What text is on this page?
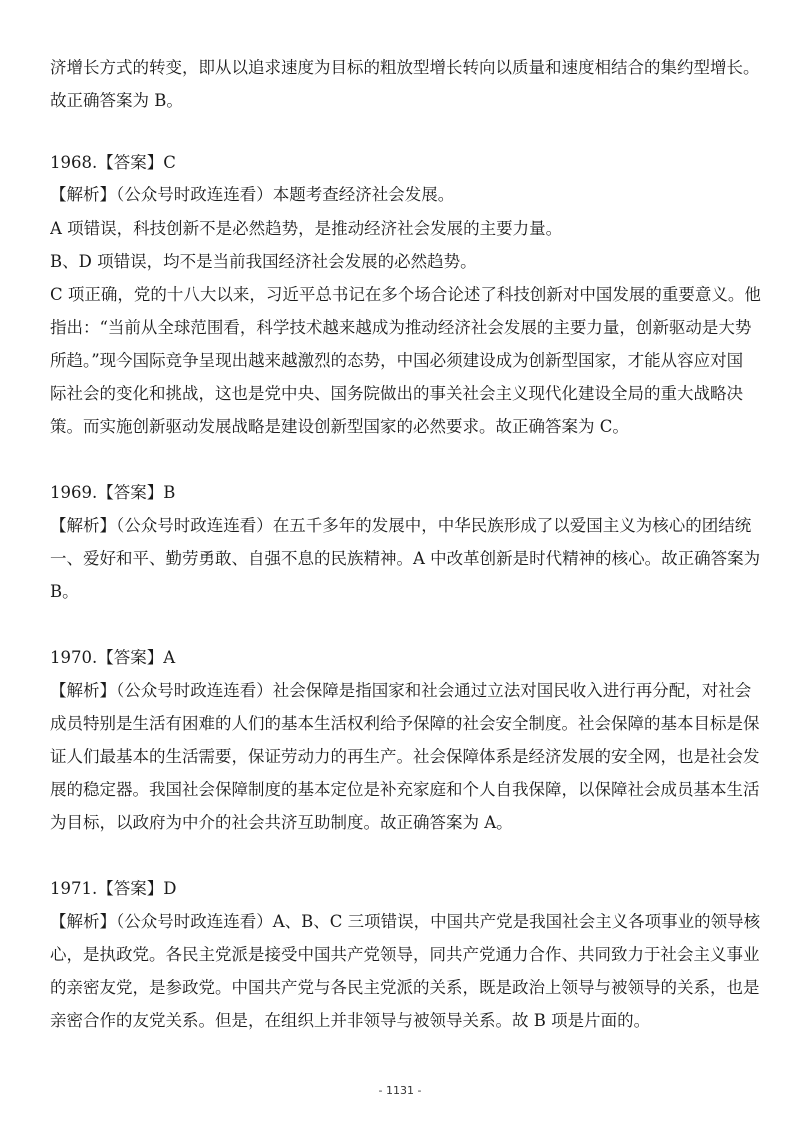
济增长方式的转变，即从以追求速度为目标的粗放型增长转向以质量和速度相结合的集约型增长。
故正确答案为 B。
1968.【答案】C
【解析】（公众号时政连连看）本题考查经济社会发展。
A 项错误，科技创新不是必然趋势，是推动经济社会发展的主要力量。
B、D 项错误，均不是当前我国经济社会发展的必然趋势。
C 项正确，党的十八大以来，习近平总书记在多个场合论述了科技创新对中国发展的重要意义。他
指出：“当前从全球范围看，科学技术越来越成为推动经济社会发展的主要力量，创新驱动是大势
所趋。”现今国际竞争呈现出越来越激烈的态势，中国必须建设成为创新型国家，才能从容应对国
际社会的变化和挑战，这也是党中央、国务院做出的事关社会主义现代化建设全局的重大战略决
策。而实施创新驱动发展战略是建设创新型国家的必然要求。故正确答案为 C。
1969.【答案】B
【解析】（公众号时政连连看）在五千多年的发展中，中华民族形成了以爱国主义为核心的团结统
一、爱好和平、勤劳勇敢、自强不息的民族精神。A 中改革创新是时代精神的核心。故正确答案为
B。
1970.【答案】A
【解析】（公众号时政连连看）社会保障是指国家和社会通过立法对国民收入进行再分配，对社会
成员特别是生活有困难的人们的基本生活权利给予保障的社会安全制度。社会保障的基本目标是保
证人们最基本的生活需要，保证劳动力的再生产。社会保障体系是经济发展的安全网，也是社会发
展的稳定器。我国社会保障制度的基本定位是补充家庭和个人自我保障，以保障社会成员基本生活
为目标，以政府为中介的社会共济互助制度。故正确答案为 A。
1971.【答案】D
【解析】（公众号时政连连看）A、B、C 三项错误，中国共产党是我国社会主义各项事业的领导核
心，是执政党。各民主党派是接受中国共产党领导，同共产党通力合作、共同致力于社会主义事业
的亲密友党，是参政党。中国共产党与各民主党派的关系，既是政治上领导与被领导的关系，也是
亲密合作的友党关系。但是，在组织上并非领导与被领导关系。故 B 项是片面的。
- 1131 -
